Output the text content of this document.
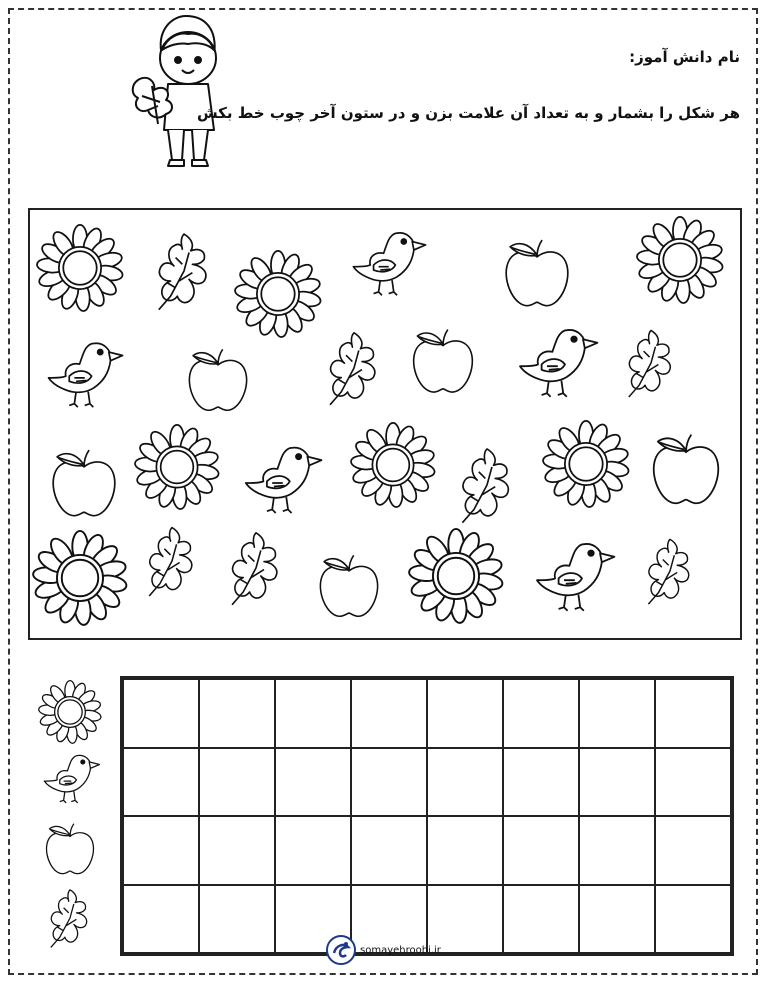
نام دانش آموز:
هر شکل را بشمار و به تعداد آن علامت بزن و در ستون آخر چوب خط بکش
somayehroohi.ir
